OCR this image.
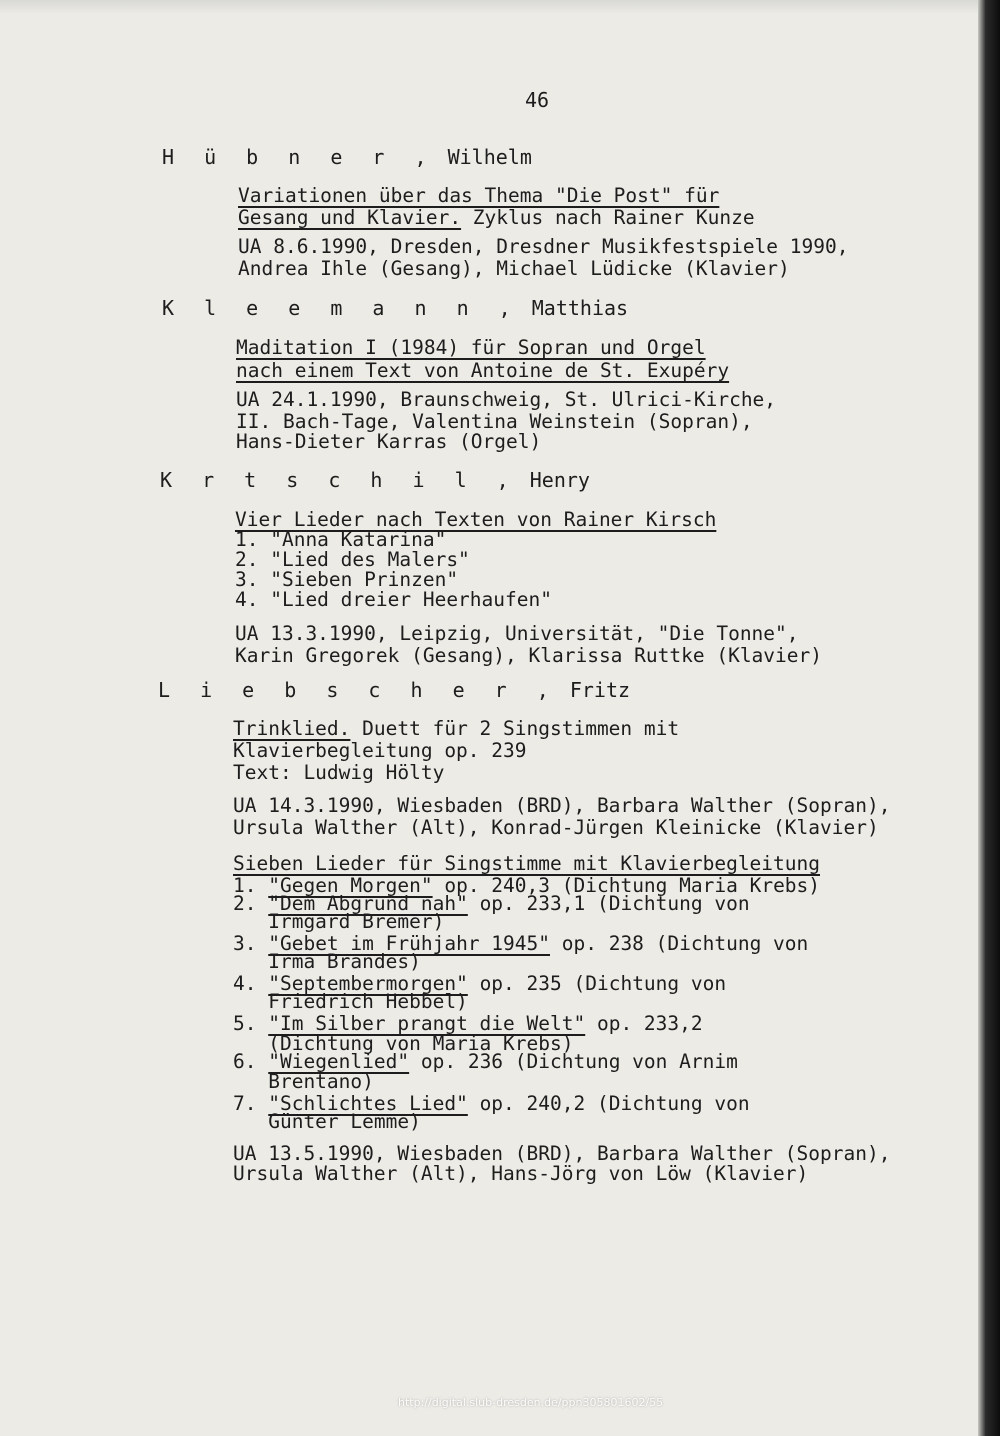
46
H ü b n e r , Wilhelm
Variationen über das Thema "Die Post" für
Gesang und Klavier. Zyklus nach Rainer Kunze
UA 8.6.1990, Dresden, Dresdner Musikfestspiele 1990,
Andrea Ihle (Gesang), Michael Lüdicke (Klavier)
K l e e m a n n , Matthias
Maditation I (1984) für Sopran und Orgel
nach einem Text von Antoine de St. Exupéry
UA 24.1.1990, Braunschweig, St. Ulrici-Kirche,
II. Bach-Tage, Valentina Weinstein (Sopran),
Hans-Dieter Karras (Orgel)
K r t s c h i l , Henry
Vier Lieder nach Texten von Rainer Kirsch
1. "Anna Katarina"
2. "Lied des Malers"
3. "Sieben Prinzen"
4. "Lied dreier Heerhaufen"
UA 13.3.1990, Leipzig, Universität, "Die Tonne",
Karin Gregorek (Gesang), Klarissa Ruttke (Klavier)
L i e b s c h e r , Fritz
Trinklied. Duett für 2 Singstimmen mit
Klavierbegleitung op. 239
Text: Ludwig Hölty
UA 14.3.1990, Wiesbaden (BRD), Barbara Walther (Sopran),
Ursula Walther (Alt), Konrad-Jürgen Kleinicke (Klavier)
Sieben Lieder für Singstimme mit Klavierbegleitung
1. "Gegen Morgen" op. 240,3 (Dichtung Maria Krebs)
2. "Dem Abgrund nah" op. 233,1 (Dichtung von
Irmgard Bremer)
3. "Gebet im Frühjahr 1945" op. 238 (Dichtung von
Irma Brandes)
4. "Septembermorgen" op. 235 (Dichtung von
Friedrich Hebbel)
5. "Im Silber prangt die Welt" op. 233,2
(Dichtung von Maria Krebs)
6. "Wiegenlied" op. 236 (Dichtung von Arnim
Brentano)
7. "Schlichtes Lied" op. 240,2 (Dichtung von
Günter Lemme)
UA 13.5.1990, Wiesbaden (BRD), Barbara Walther (Sopran),
Ursula Walther (Alt), Hans-Jörg von Löw (Klavier)
http://digital.slub-dresden.de/ppn305801602/55
